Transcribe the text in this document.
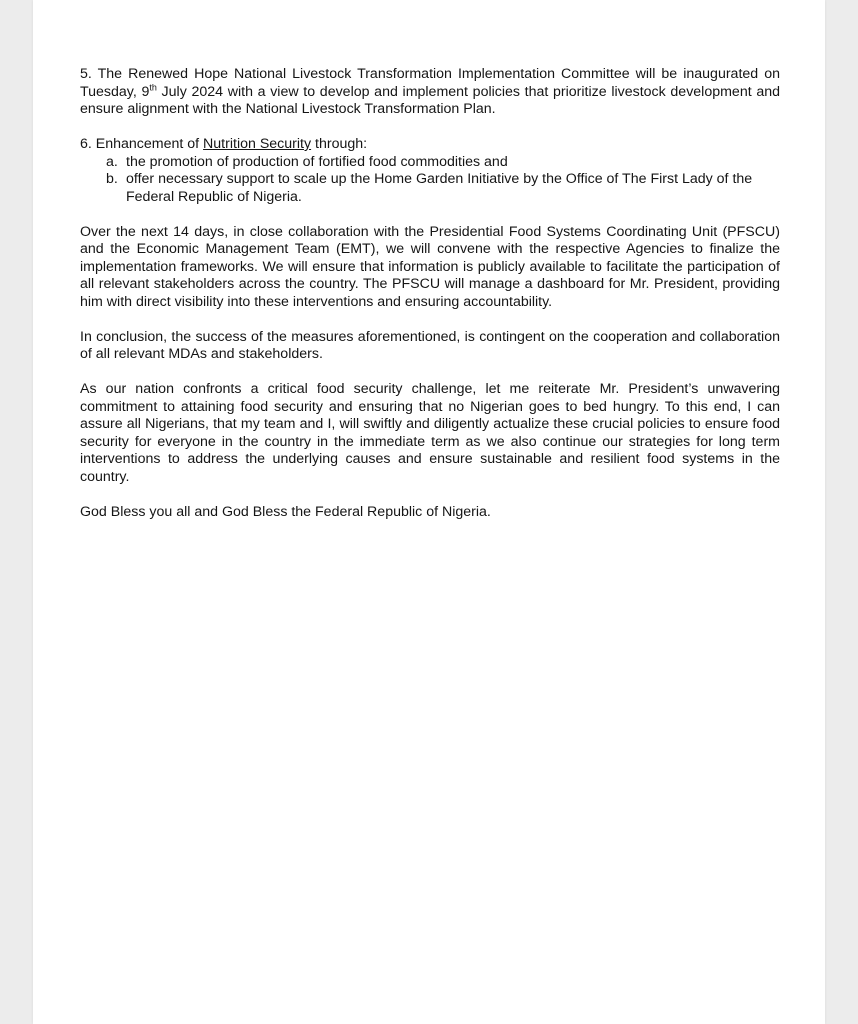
5. The Renewed Hope National Livestock Transformation Implementation Committee will be inaugurated on Tuesday, 9th July 2024 with a view to develop and implement policies that prioritize livestock development and ensure alignment with the National Livestock Transformation Plan.

6. Enhancement of Nutrition Security through:

a. the promotion of production of fortified food commodities and
b. offer necessary support to scale up the Home Garden Initiative by the Office of The First Lady of the Federal Republic of Nigeria.

Over the next 14 days, in close collaboration with the Presidential Food Systems Coordinating Unit (PFSCU) and the Economic Management Team (EMT), we will convene with the respective Agencies to finalize the implementation frameworks. We will ensure that information is publicly available to facilitate the participation of all relevant stakeholders across the country. The PFSCU will manage a dashboard for Mr. President, providing him with direct visibility into these interventions and ensuring accountability.

In conclusion, the success of the measures aforementioned, is contingent on the cooperation and collaboration of all relevant MDAs and stakeholders.

As our nation confronts a critical food security challenge, let me reiterate Mr. President’s unwavering commitment to attaining food security and ensuring that no Nigerian goes to bed hungry. To this end, I can assure all Nigerians, that my team and I, will swiftly and diligently actualize these crucial policies to ensure food security for everyone in the country in the immediate term as we also continue our strategies for long term interventions to address the underlying causes and ensure sustainable and resilient food systems in the country.

God Bless you all and God Bless the Federal Republic of Nigeria.
